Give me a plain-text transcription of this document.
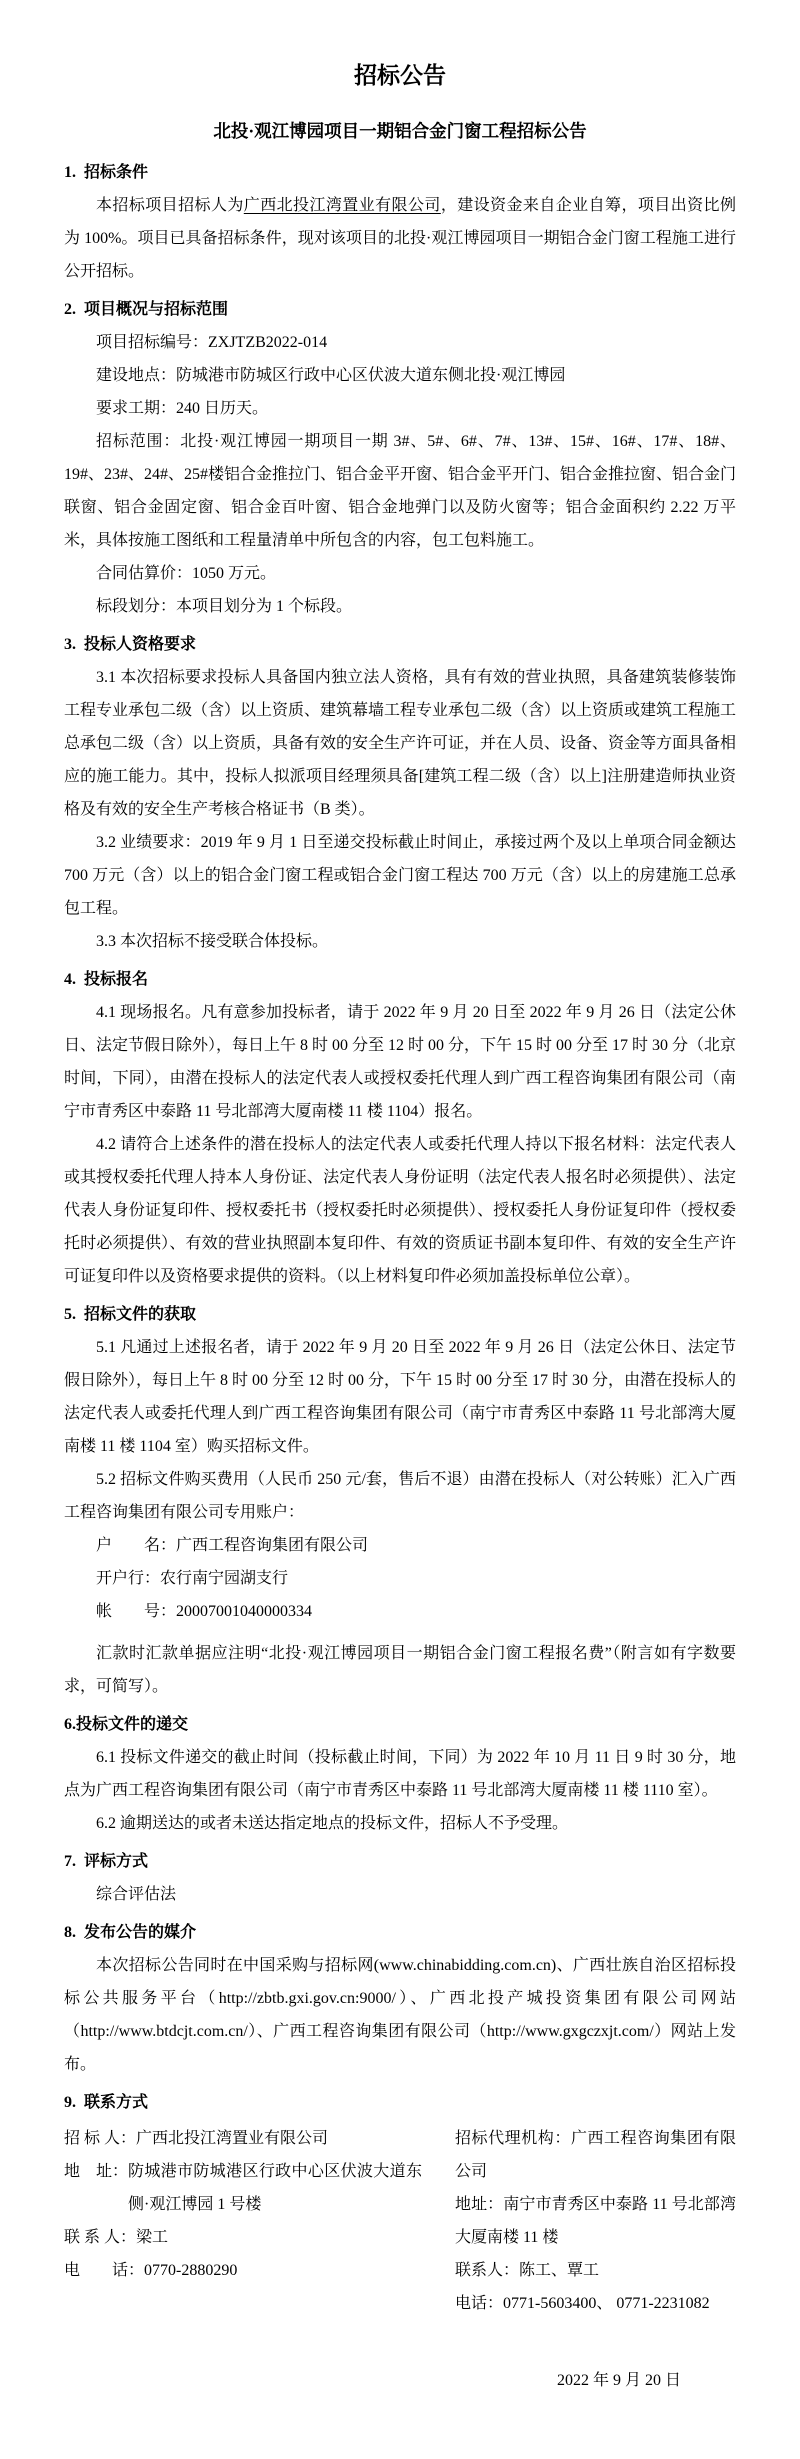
招标公告
北投·观江博园项目一期铝合金门窗工程招标公告
1.  招标条件

本招标项目招标人为广西北投江湾置业有限公司，建设资金来自企业自筹，项目出资比例为 100%。项目已具备招标条件，现对该项目的北投·观江博园项目一期铝合金门窗工程施工进行公开招标。

2.  项目概况与招标范围

项目招标编号：ZXJTZB2022-014

建设地点：防城港市防城区行政中心区伏波大道东侧北投·观江博园

要求工期：240 日历天。

招标范围：北投·观江博园一期项目一期 3#、5#、6#、7#、13#、15#、16#、17#、18#、19#、23#、24#、25#楼铝合金推拉门、铝合金平开窗、铝合金平开门、铝合金推拉窗、铝合金门联窗、铝合金固定窗、铝合金百叶窗、铝合金地弹门以及防火窗等；铝合金面积约 2.22 万平米，具体按施工图纸和工程量清单中所包含的内容，包工包料施工。

合同估算价：1050 万元。

标段划分：本项目划分为 1 个标段。

3.  投标人资格要求

3.1 本次招标要求投标人具备国内独立法人资格，具有有效的营业执照，具备建筑装修装饰工程专业承包二级（含）以上资质、建筑幕墙工程专业承包二级（含）以上资质或建筑工程施工总承包二级（含）以上资质，具备有效的安全生产许可证，并在人员、设备、资金等方面具备相应的施工能力。其中，投标人拟派项目经理须具备[建筑工程二级（含）以上]注册建造师执业资格及有效的安全生产考核合格证书（B 类）。

3.2 业绩要求：2019 年 9 月 1 日至递交投标截止时间止，承接过两个及以上单项合同金额达 700 万元（含）以上的铝合金门窗工程或铝合金门窗工程达 700 万元（含）以上的房建施工总承包工程。

3.3 本次招标不接受联合体投标。

4.  投标报名

4.1 现场报名。凡有意参加投标者，请于 2022 年 9 月 20 日至 2022 年 9 月 26 日（法定公休日、法定节假日除外），每日上午 8 时 00 分至 12 时 00 分，下午 15 时 00 分至 17 时 30 分（北京时间，下同），由潜在投标人的法定代表人或授权委托代理人到广西工程咨询集团有限公司（南宁市青秀区中泰路 11 号北部湾大厦南楼 11 楼 1104）报名。

4.2 请符合上述条件的潜在投标人的法定代表人或委托代理人持以下报名材料：法定代表人或其授权委托代理人持本人身份证、法定代表人身份证明（法定代表人报名时必须提供）、法定代表人身份证复印件、授权委托书（授权委托时必须提供）、授权委托人身份证复印件（授权委托时必须提供）、有效的营业执照副本复印件、有效的资质证书副本复印件、有效的安全生产许可证复印件以及资格要求提供的资料。（以上材料复印件必须加盖投标单位公章）。

5.  招标文件的获取

5.1 凡通过上述报名者，请于 2022 年 9 月 20 日至 2022 年 9 月 26 日（法定公休日、法定节假日除外），每日上午 8 时 00 分至 12 时 00 分，下午 15 时 00 分至 17 时 30 分，由潜在投标人的法定代表人或委托代理人到广西工程咨询集团有限公司（南宁市青秀区中泰路 11 号北部湾大厦南楼 11 楼 1104 室）购买招标文件。

5.2 招标文件购买费用（人民币 250 元/套，售后不退）由潜在投标人（对公转账）汇入广西工程咨询集团有限公司专用账户：

户　　名：广西工程咨询集团有限公司

开户行：农行南宁园湖支行

帐　　号：20007001040000334

汇款时汇款单据应注明“北投·观江博园项目一期铝合金门窗工程报名费”（附言如有字数要求，可简写）。

6.投标文件的递交

6.1 投标文件递交的截止时间（投标截止时间，下同）为 2022 年 10 月 11 日 9 时 30 分，地点为广西工程咨询集团有限公司（南宁市青秀区中泰路 11 号北部湾大厦南楼 11 楼 1110 室）。

6.2 逾期送达的或者未送达指定地点的投标文件，招标人不予受理。

7.  评标方式

综合评估法

8.  发布公告的媒介

本次招标公告同时在中国采购与招标网(www.chinabidding.com.cn)、广西壮族自治区招标投标公共服务平台（http://zbtb.gxi.gov.cn:9000/）、广西北投产城投资集团有限公司网站（http://www.btdcjt.com.cn/）、广西工程咨询集团有限公司（http://www.gxgczxjt.com/）网站上发布。

9.  联系方式
招 标 人： 广西北投江湾置业有限公司
地　址： 防城港市防城港区行政中心区伏波大道东侧·观江博园 1 号楼
联 系 人： 梁工
电　　话： 0770-2880290

招标代理机构：广西工程咨询集团有限公司

地址：南宁市青秀区中泰路 11 号北部湾大厦南楼 11 楼

联系人：陈工、覃工

电话：0771-5603400、 0771-2231082

2022 年 9 月 20 日
